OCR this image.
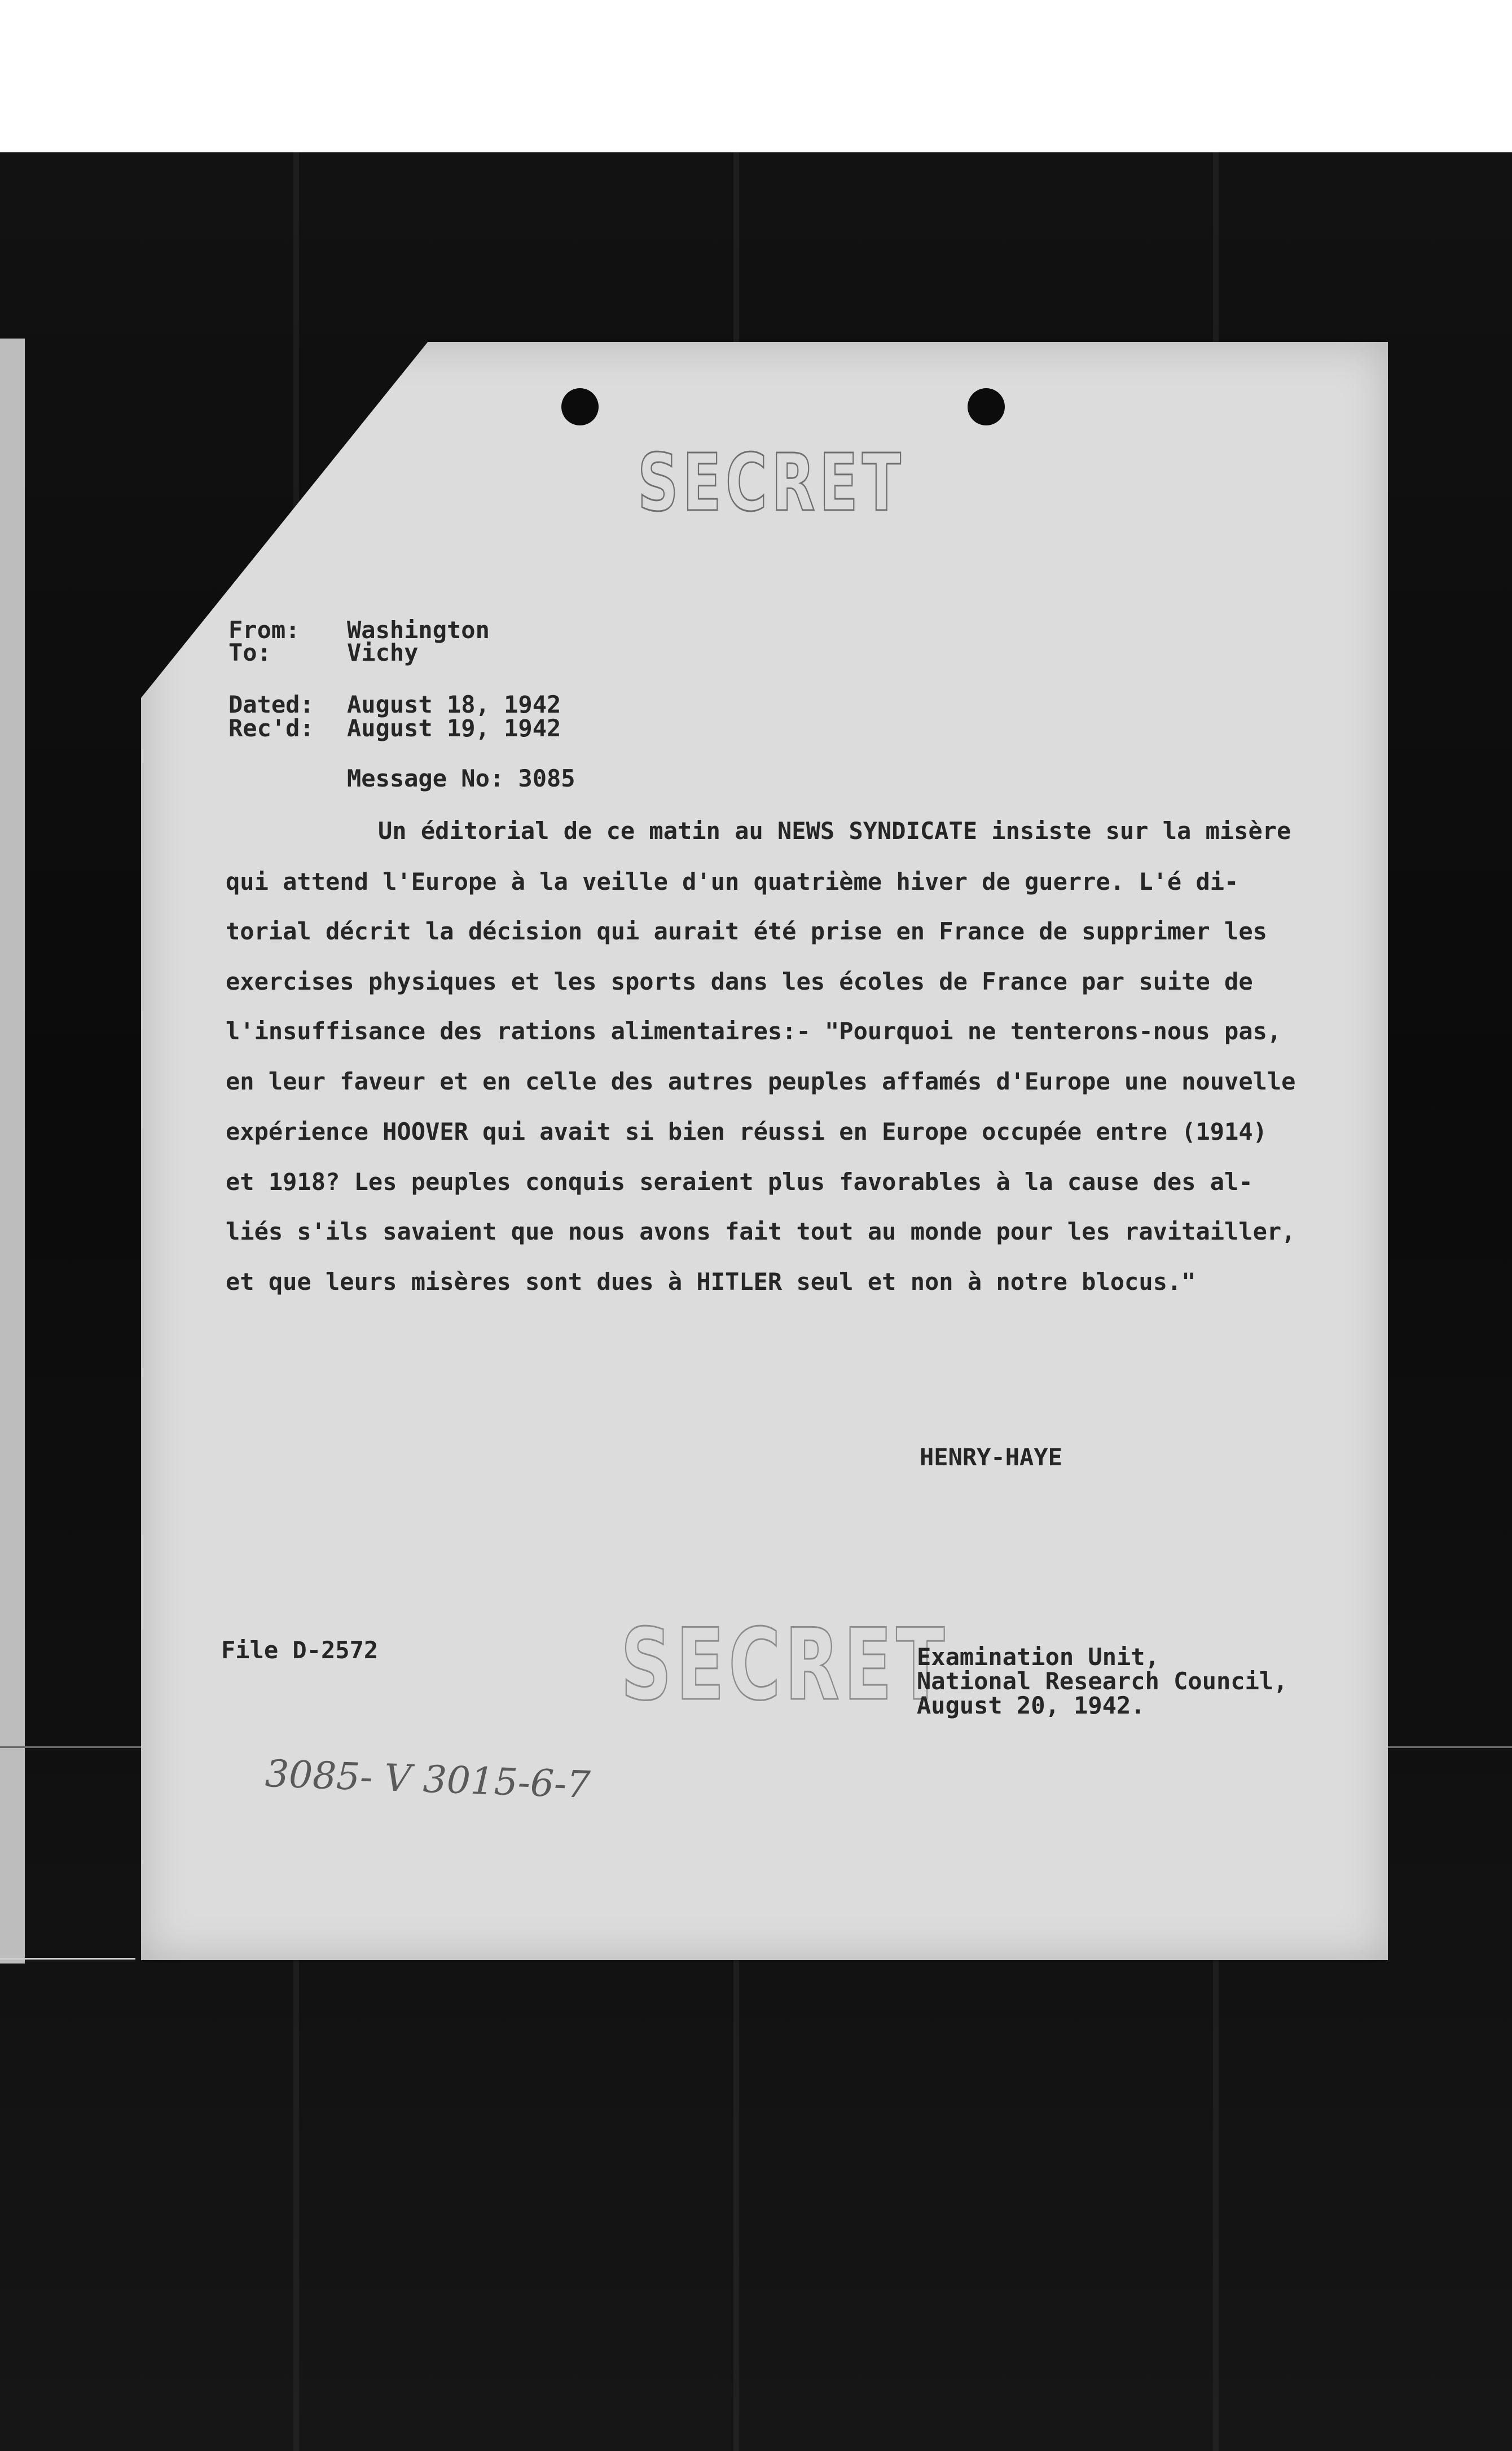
SECRET

From: Washington

To:	Vichy

Dated: August 18, 1942

Rec'd: August 19, 1942

Message No: 3085

Un éditorial de ce matin au NEWS SYNDICATE insiste sur la misère

qui attend l'Europe à la veille d'un quatrième hiver de guerre. L'é di-

torial décrit la décision qui aurait été prise en France de supprimer les

exercises physiques et les sports dans les écoles de France par suite de

l'insuffisance des rations alimentaires:- "Pourquoi ne tenterons-nous pas,

en leur faveur et en celle des autres peuples affamés d'Europe une nouvelle

expérience HOOVER qui avait si bien réussi en Europe occupée entre (1914)

et 1918? Les peuples conquis seraient plus favorables à la cause des al-

liés s'ils savaient que nous avons fait tout au monde pour les ravitailler,

et que leurs misères sont dues à HITLER seul et non à notre blocus."

HENRY-HAYE

File D-2572 SECRET

Examination Unit,

National Research Council,

August 20, 1942.

3085- V 3015-6-7
